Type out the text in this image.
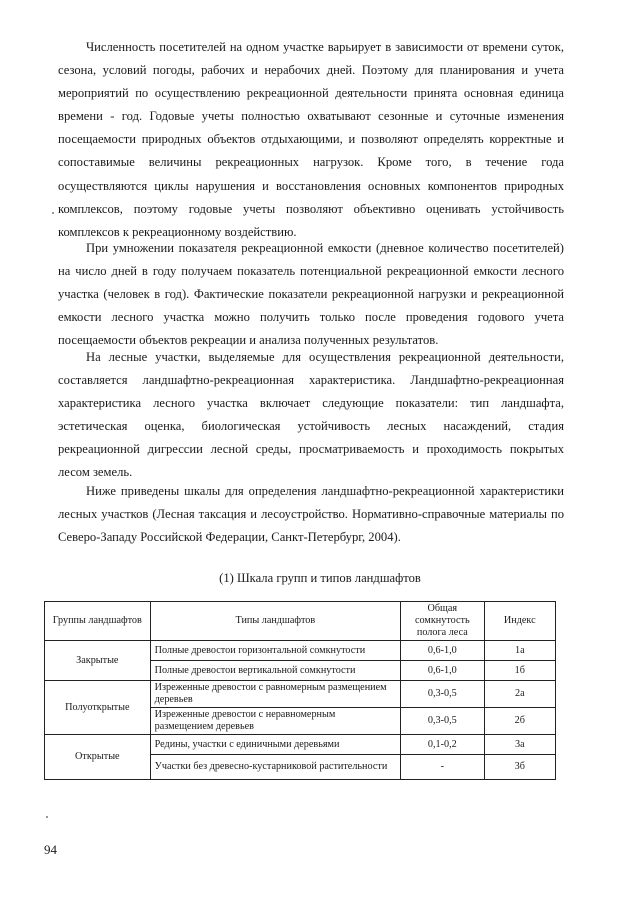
Численность посетителей на одном участке варьирует в зависимости от времени суток, сезона, условий погоды, рабочих и нерабочих дней. Поэтому для планирования и учета мероприятий по осуществлению рекреационной деятельности принята основная единица времени - год. Годовые учеты полностью охватывают сезонные и суточные изменения посещаемости природных объектов отдыхающими, и позволяют определять корректные и сопоставимые величины рекреационных нагрузок. Кроме того, в течение года осуществляются циклы нарушения и восстановления основных компонентов природных комплексов, поэтому годовые учеты позволяют объективно оценивать устойчивость комплексов к рекреационному воздействию.

При умножении показателя рекреационной емкости (дневное количество посетителей) на число дней в году получаем показатель потенциальной рекреационной емкости лесного участка (человек в год). Фактические показатели рекреационной нагрузки и рекреационной емкости лесного участка можно получить только после проведения годового учета посещаемости объектов рекреации и анализа полученных результатов.

На лесные участки, выделяемые для осуществления рекреационной деятельности, составляется ландшафтно-рекреационная характеристика. Ландшафтно-рекреационная характеристика лесного участка включает следующие показатели: тип ландшафта, эстетическая оценка, биологическая устойчивость лесных насаждений, стадия рекреационной дигрессии лесной среды, просматриваемость и проходимость покрытых лесом земель.

Ниже приведены шкалы для определения ландшафтно-рекреационной характеристики лесных участков (Лесная таксация и лесоустройство. Нормативно-справочные материалы по Северо-Западу Российской Федерации, Санкт-Петербург, 2004).

(1) Шкала групп и типов ландшафтов
Группы ландшафтов	Типы ландшафтов	Общая сомкнутость полога леса	Индекс
Закрытые	Полные древостои горизонтальной сомкнутости	0,6-1,0	1а
	Полные древостои вертикальной сомкнутости	0,6-1,0	1б
Полуоткрытые	Изреженные древостои с равномерным размещением деревьев	0,3-0,5	2а
	Изреженные древостои с неравномерным размещением деревьев	0,3-0,5	2б
Открытые	Редины, участки с единичными деревьями	0,1-0,2	3а
	Участки без древесно-кустарниковой растительности	-	3б
94
